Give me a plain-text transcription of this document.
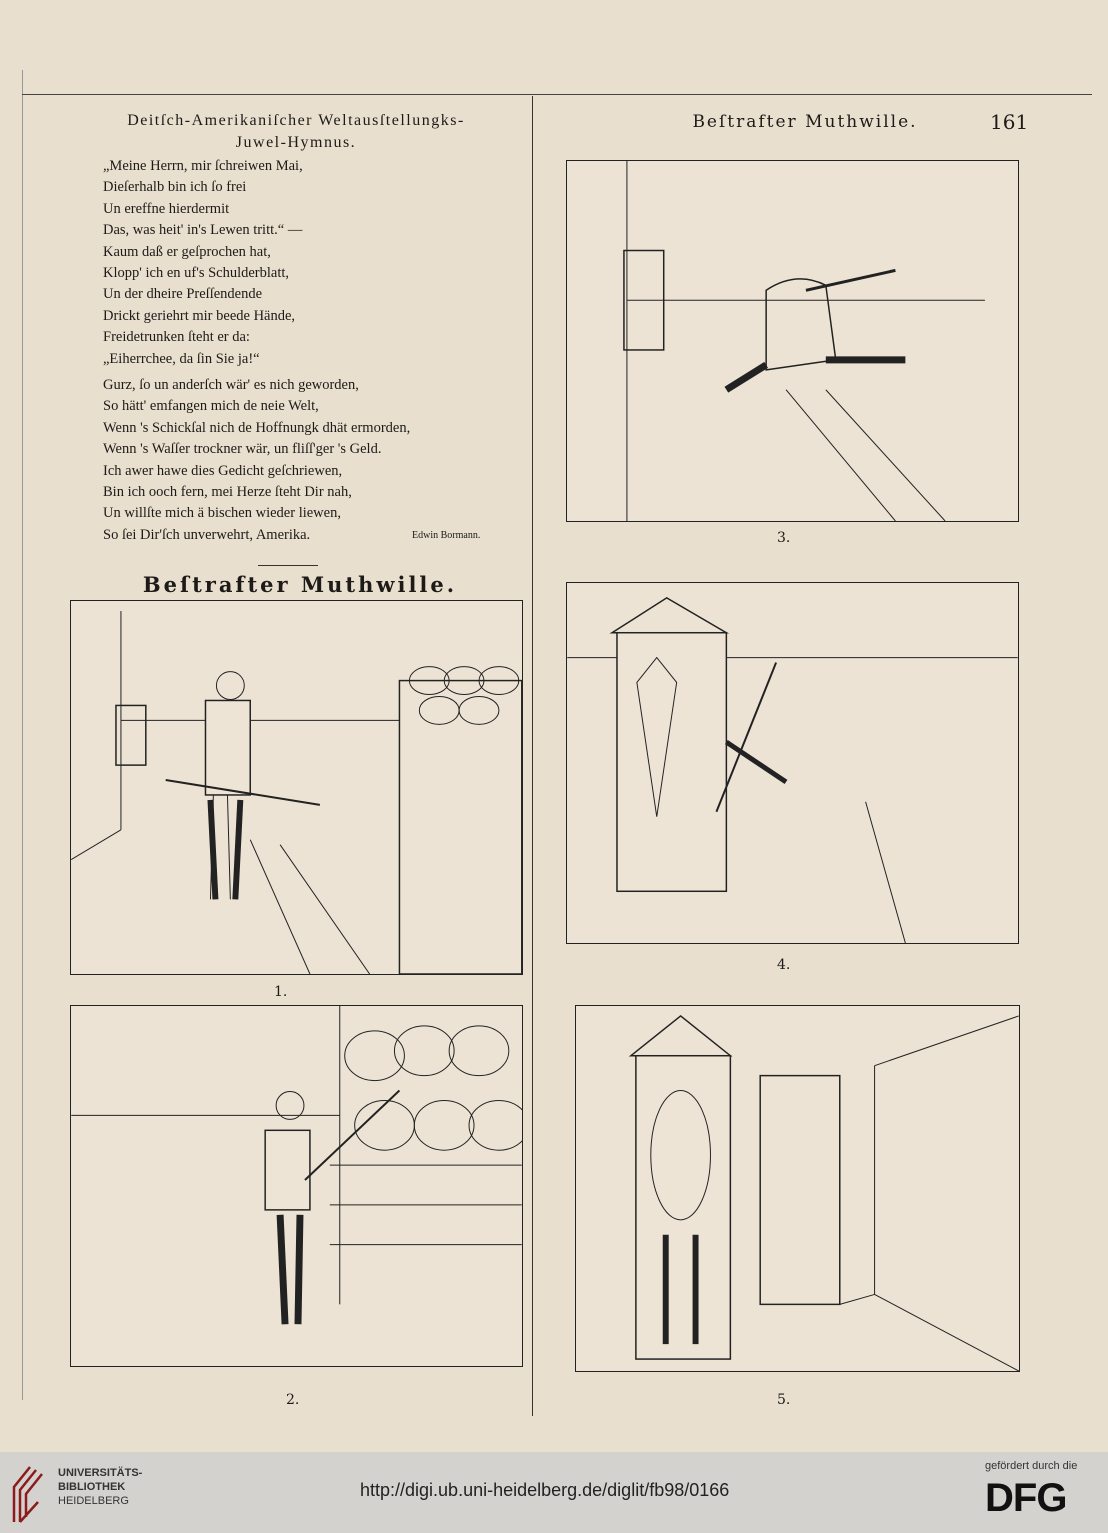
Deitſch-Amerikaniſcher Weltausſtellungks-
Juwel-Hymnus.
„Meine Herrn, mir ſchreiwen Mai,
Dieſerhalb bin ich ſo frei
Un ereffne hierdermit
Das, was heit' in's Lewen tritt.“ —
Kaum daß er geſprochen hat,
Klopp' ich en uf's Schulderblatt,
Un der dheire Preſſendende
Drickt geriehrt mir beede Hände,
Freidetrunken ſteht er da:
„Eiherrchee, da ſin Sie ja!“
Gurz, ſo un anderſch wär' es nich geworden,
So hätt' emfangen mich de neie Welt,
Wenn 's Schickſal nich de Hoffnungk dhät ermorden,
Wenn 's Waſſer trockner wär, un fliſſ'ger 's Geld.
Ich awer hawe dies Gedicht geſchriewen,
Bin ich ooch fern, mei Herze ſteht Dir nah,
Un willſte mich ä bischen wieder liewen,
So ſei Dir'ſch unverwehrt, Amerika.	Edwin Bormann.
Beſtrafter Muthwille.
Beſtrafter Muthwille.	161
1.
2.
3.
4.
5.
UNIVERSITÄTS-
BIBLIOTHEK
HEIDELBERG
http://digi.ub.uni-heidelberg.de/diglit/fb98/0166
gefördert durch die
DFG
